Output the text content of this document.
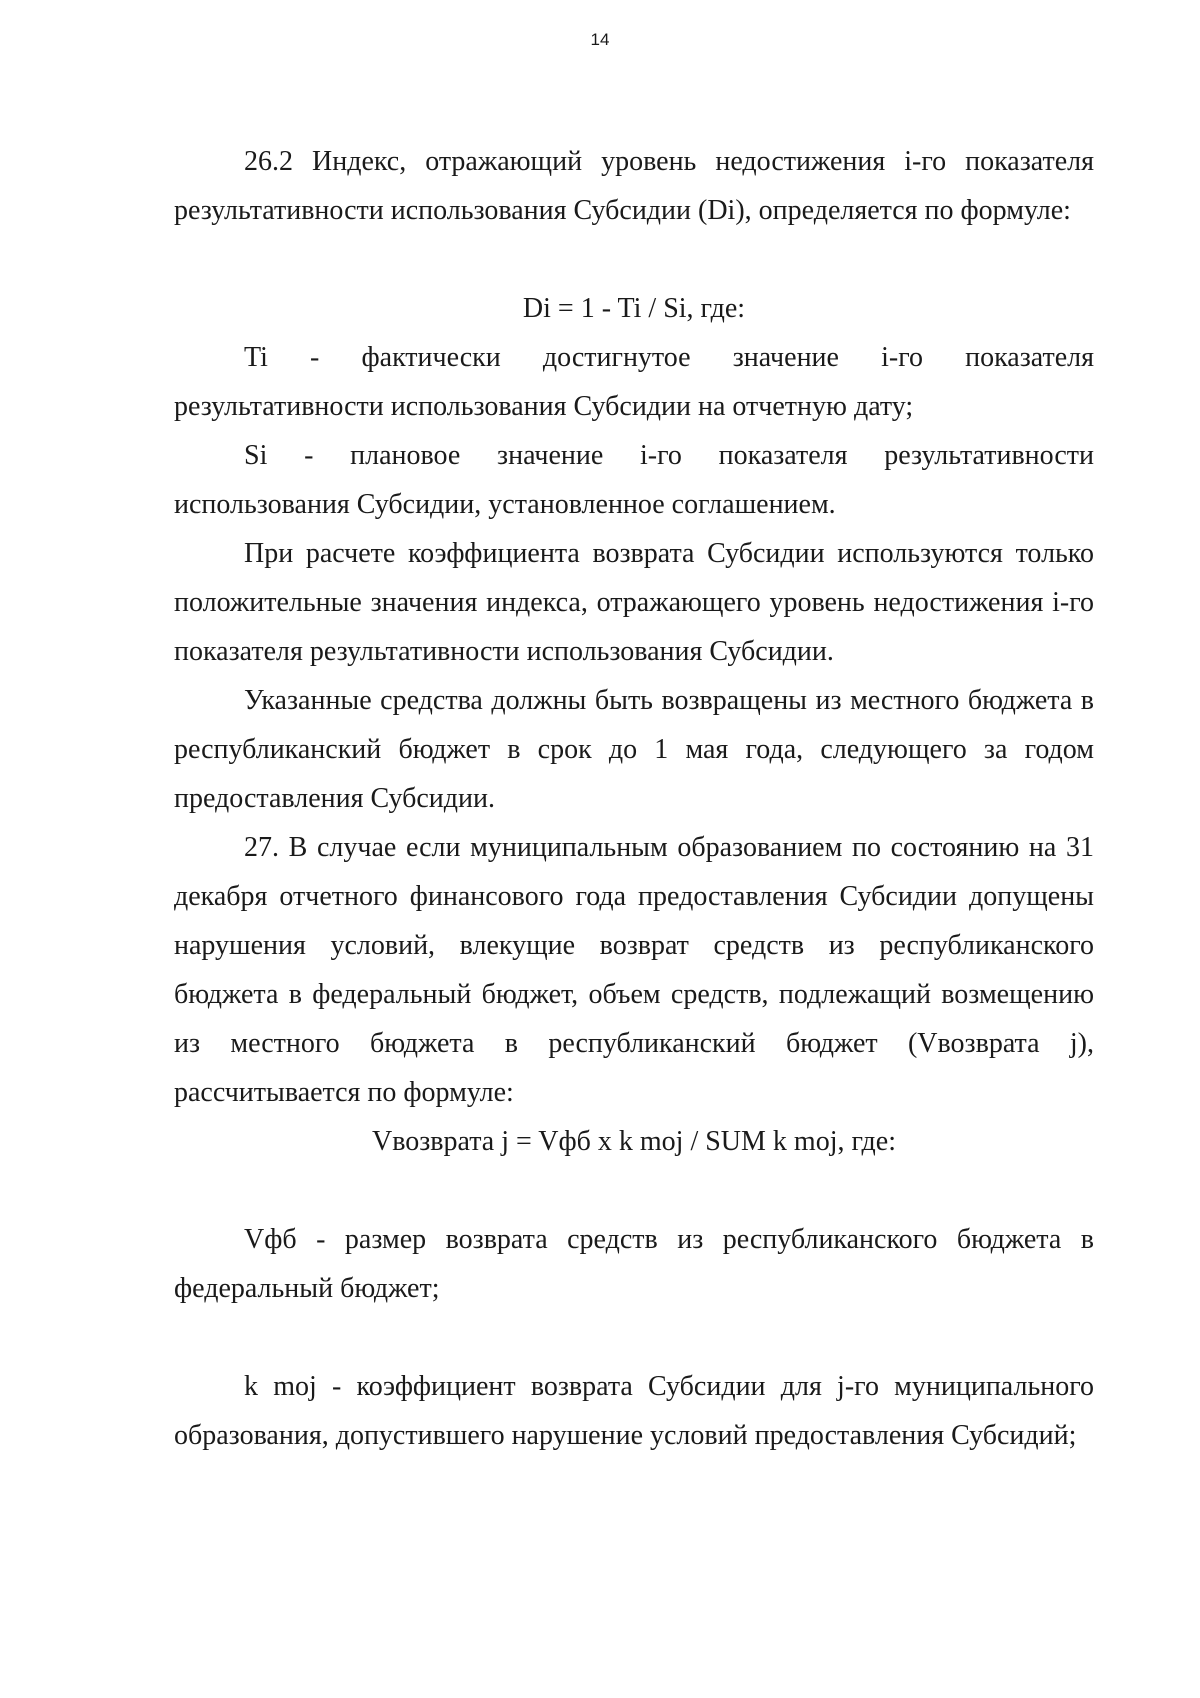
14

26.2 Индекс, отражающий уровень недостижения i-го показателя результативности использования Субсидии (Di), определяется по формуле:

Di = 1 - Ti / Si, где:

Ti - фактически достигнутое значение i-го показателя результативности использования Субсидии на отчетную дату;

Si - плановое значение i-го показателя результативности использования Субсидии, установленное соглашением.

При расчете коэффициента возврата Субсидии используются только положительные значения индекса, отражающего уровень недостижения i-го показателя результативности использования Субсидии.

Указанные средства должны быть возвращены из местного бюджета в республиканский бюджет в срок до 1 мая года, следующего за годом предоставления Субсидии.

27. В случае если муниципальным образованием по состоянию на 31 декабря отчетного финансового года предоставления Субсидии допущены нарушения условий, влекущие возврат средств из республиканского бюджета в федеральный бюджет, объем средств, подлежащий возмещению из местного бюджета в республиканский бюджет (Vвозврата j), рассчитывается по формуле:

Vвозврата j = Vфб x k moj / SUM k moj, где:

Vфб - размер возврата средств из республиканского бюджета в федеральный бюджет;

k moj - коэффициент возврата Субсидии для j-го муниципального образования, допустившего нарушение условий предоставления Субсидий;
